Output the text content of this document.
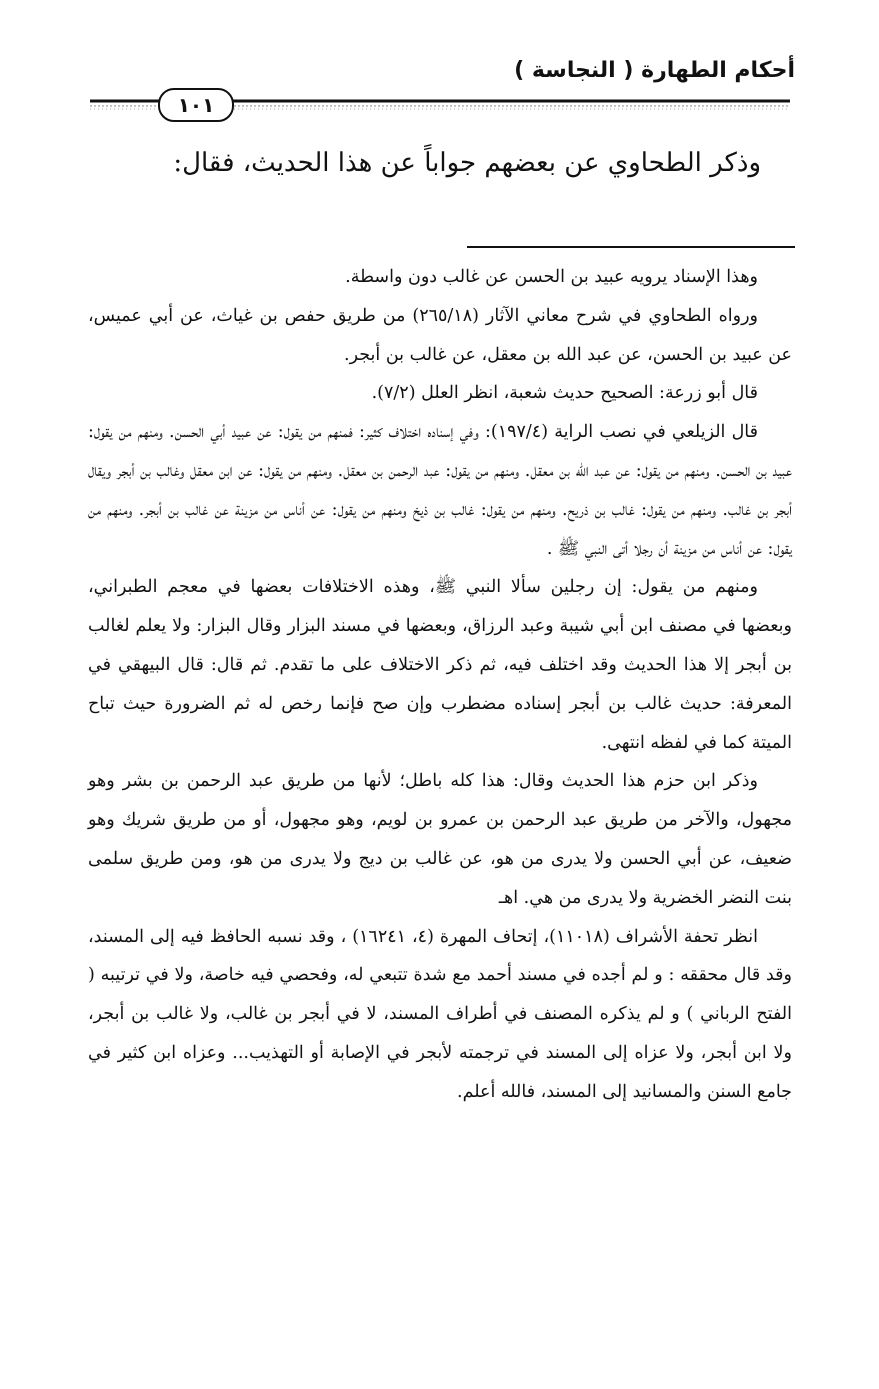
أحكام الطهارة ( النجاسة )
١٠١
وذكر الطحاوي عن بعضهم جواباً عن هذا الحديث، فقال:

وهذا الإسناد يرويه عبيد بن الحسن عن غالب دون واسطة.

ورواه الطحاوي في شرح معاني الآثار (٢٦٥/١٨) من طريق حفص بن غياث، عن أبي عميس، عن عبيد بن الحسن، عن عبد الله بن معقل، عن غالب بن أبجر.

قال أبو زرعة: الصحيح حديث شعبة، انظر العلل (٧/٢).

قال الزيلعي في نصب الراية (١٩٧/٤): وفي إسناده اختلاف كثير: فمنهم من يقول: عن عبيد أبي الحسن. ومنهم من يقول: عبيد بن الحسن. ومنهم من يقول: عن عبد الله بن معقل. ومنهم من يقول: عبد الرحمن بن معقل. ومنهم من يقول: عن ابن معقل وغالب بن أبجر ويقال أبجر بن غالب. ومنهم من يقول: غالب بن ذريح. ومنهم من يقول: غالب بن ذيخ ومنهم من يقول: عن أناس من مزينة عن غالب بن أبجر. ومنهم من يقول: عن أناس من مزينة أن رجلا أتى النبي ﷺ .

ومنهم من يقول: إن رجلين سألا النبي ﷺ، وهذه الاختلافات بعضها في معجم الطبراني، وبعضها في مصنف ابن أبي شيبة وعبد الرزاق، وبعضها في مسند البزار وقال البزار: ولا يعلم لغالب بن أبجر إلا هذا الحديث وقد اختلف فيه، ثم ذكر الاختلاف على ما تقدم. ثم قال: قال البيهقي في المعرفة: حديث غالب بن أبجر إسناده مضطرب وإن صح فإنما رخص له ثم الضرورة حيث تباح الميتة كما في لفظه انتهى.

وذكر ابن حزم هذا الحديث وقال: هذا كله باطل؛ لأنها من طريق عبد الرحمن بن بشر وهو مجهول، والآخر من طريق عبد الرحمن بن عمرو بن لويم، وهو مجهول، أو من طريق شريك وهو ضعيف، عن أبي الحسن ولا يدرى من هو، عن غالب بن ديج ولا يدرى من هو، ومن طريق سلمى بنت النضر الخضرية ولا يدرى من هي. اهـ

انظر تحفة الأشراف (١١٠١٨)، إتحاف المهرة (٤، ١٦٢٤١) ، وقد نسبه الحافظ فيه إلى المسند، وقد قال محققه : و لم أجده في مسند أحمد مع شدة تتبعي له، وفحصي فيه خاصة، ولا في ترتيبه ( الفتح الرباني ) و لم يذكره المصنف في أطراف المسند، لا في أبجر بن غالب، ولا غالب بن أبجر، ولا ابن أبجر، ولا عزاه إلى المسند في ترجمته لأبجر في الإصابة أو التهذيب... وعزاه ابن كثير في جامع السنن والمسانيد إلى المسند، فالله أعلم.
